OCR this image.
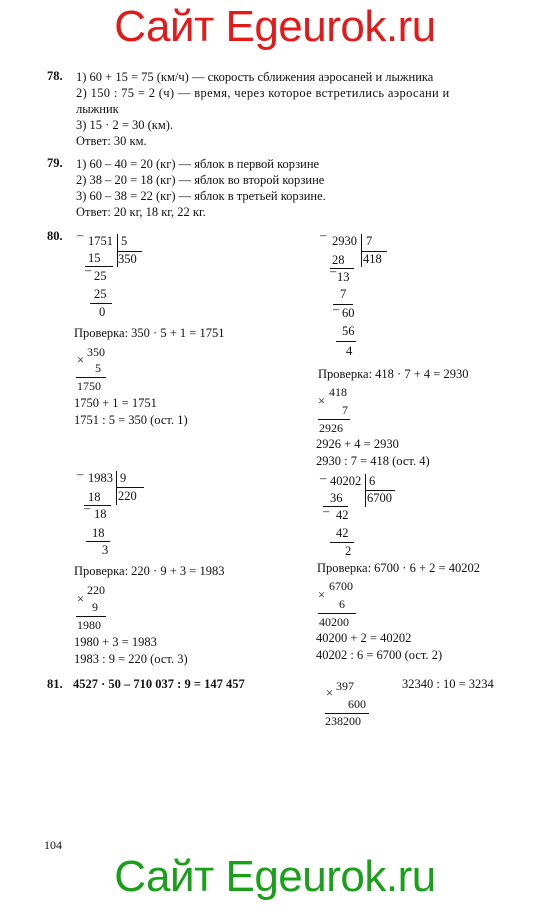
Сайт Egeurok.ru
78. 1) 60 + 15 = 75 (км/ч) — скорость сближения аэросаней и лыжника
2) 150 : 75 = 2 (ч) — время, через которое встретились аэросани и
лыжник
3) 15 · 2 = 30 (км).
Ответ: 30 км.
79. 1) 60 – 40 = 20 (кг) — яблок в первой корзине
2) 38 – 20 = 18 (кг) — яблок во второй корзине
3) 60 – 38 = 22 (кг) — яблок в третьей корзине.
Ответ: 20 кг, 18 кг, 22 кг.
80. – 1751 5
350
15
– 25
25
0
Проверка: 350 · 5 + 1 = 1751
350
×
5
1750
1750 + 1 = 1751
1751 : 5 = 350 (ост. 1)
– 2930 7
418
28
– 13
7
– 60
56
4
Проверка: 418 · 7 + 4 = 2930
418
×
7
2926
2926 + 4 = 2930
2930 : 7 = 418 (ост. 4)
– 1983 9
220
18
– 18
18
3
Проверка: 220 · 9 + 3 = 1983
220
×
9
1980
1980 + 3 = 1983
1983 : 9 = 220 (ост. 3)
– 40202 6
6700
36
– 42
42
2
Проверка: 6700 · 6 + 2 = 40202
6700
×
6
40200
40200 + 2 = 40202
40202 : 6 = 6700 (ост. 2)
81. 4527 · 50 – 710 037 : 9 = 147 457	397
×
600
238200
32340 : 10 = 3234
104
Сайт Egeurok.ru
